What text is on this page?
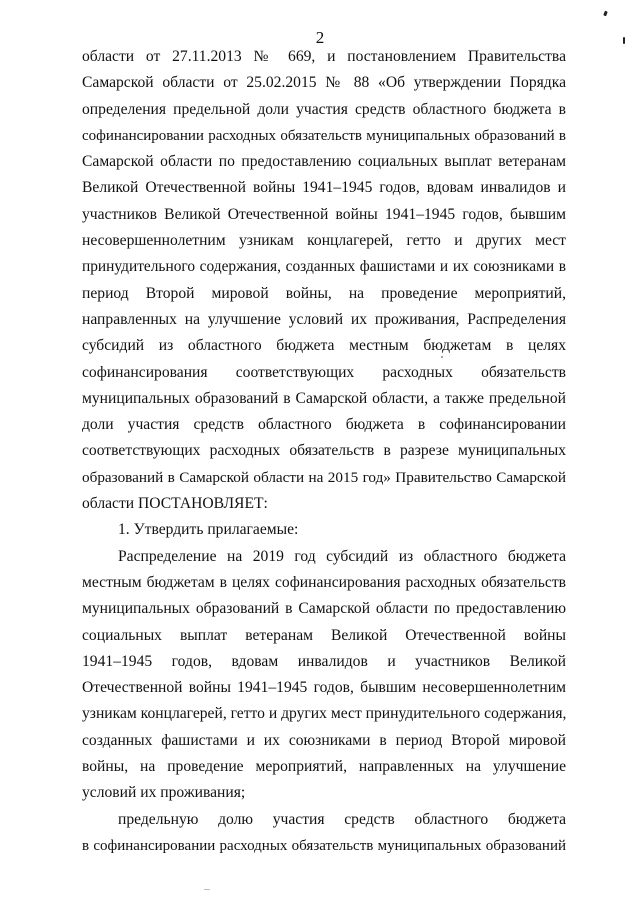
2
области от 27.11.2013 № 669, и постановлением Правительства
Самарской области от 25.02.2015 № 88 «Об утверждении Порядка
определения предельной доли участия средств областного бюджета в
софинансировании расходных обязательств муниципальных образований в
Самарской области по предоставлению социальных выплат ветеранам
Великой Отечественной войны 1941–1945 годов, вдовам инвалидов и
участников Великой Отечественной войны 1941–1945 годов, бывшим
несовершеннолетним узникам концлагерей, гетто и других мест
принудительного содержания, созданных фашистами и их союзниками в
период Второй мировой войны, на проведение мероприятий,
направленных на улучшение условий их проживания, Распределения
субсидий из областного бюджета местным бюджетам в целях
софинансирования соответствующих расходных обязательств
муниципальных образований в Самарской области, а также предельной
доли участия средств областного бюджета в софинансировании
соответствующих расходных обязательств в разрезе муниципальных
образований в Самарской области на 2015 год» Правительство Самарской
области ПОСТАНОВЛЯЕТ:
1. Утвердить прилагаемые:
Распределение на 2019 год субсидий из областного бюджета
местным бюджетам в целях софинансирования расходных обязательств
муниципальных образований в Самарской области по предоставлению
социальных выплат ветеранам Великой Отечественной войны
1941–1945 годов, вдовам инвалидов и участников Великой
Отечественной войны 1941–1945 годов, бывшим несовершеннолетним
узникам концлагерей, гетто и других мест принудительного содержания,
созданных фашистами и их союзниками в период Второй мировой
войны, на проведение мероприятий, направленных на улучшение
условий их проживания;
предельную долю участия средств областного бюджета
в софинансировании расходных обязательств муниципальных образований
